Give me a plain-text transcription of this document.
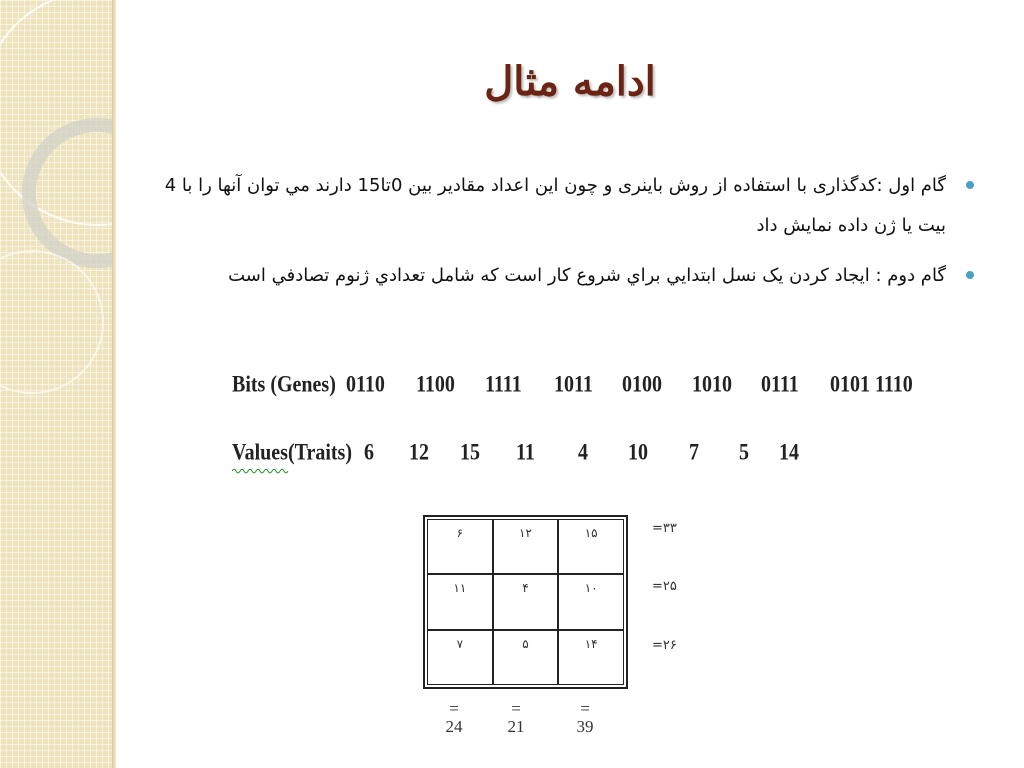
ادامه مثال
گام اول :کدگذاری با استفاده از روش باینری و چون این اعداد مقادیر بین 0تا15 دارند مي توان آنها را با 4 بیت یا ژن داده نمایش داد
گام دوم : ایجاد کردن یک نسل ابتدايي براي شروع کار است که شامل تعدادي ژنوم تصادفي است
Bits (Genes) 0110 1100 1111 1011 0100 1010 0111 0101 1110
Values(Traits) 6 12 15 11 4 10 7 5 14
۶	۱۲	۱۵
۱۱	۴	۱۰
۷	۵	۱۴
=۳۳
=۲۵
=۲۶
=
24
=
21
=
39
